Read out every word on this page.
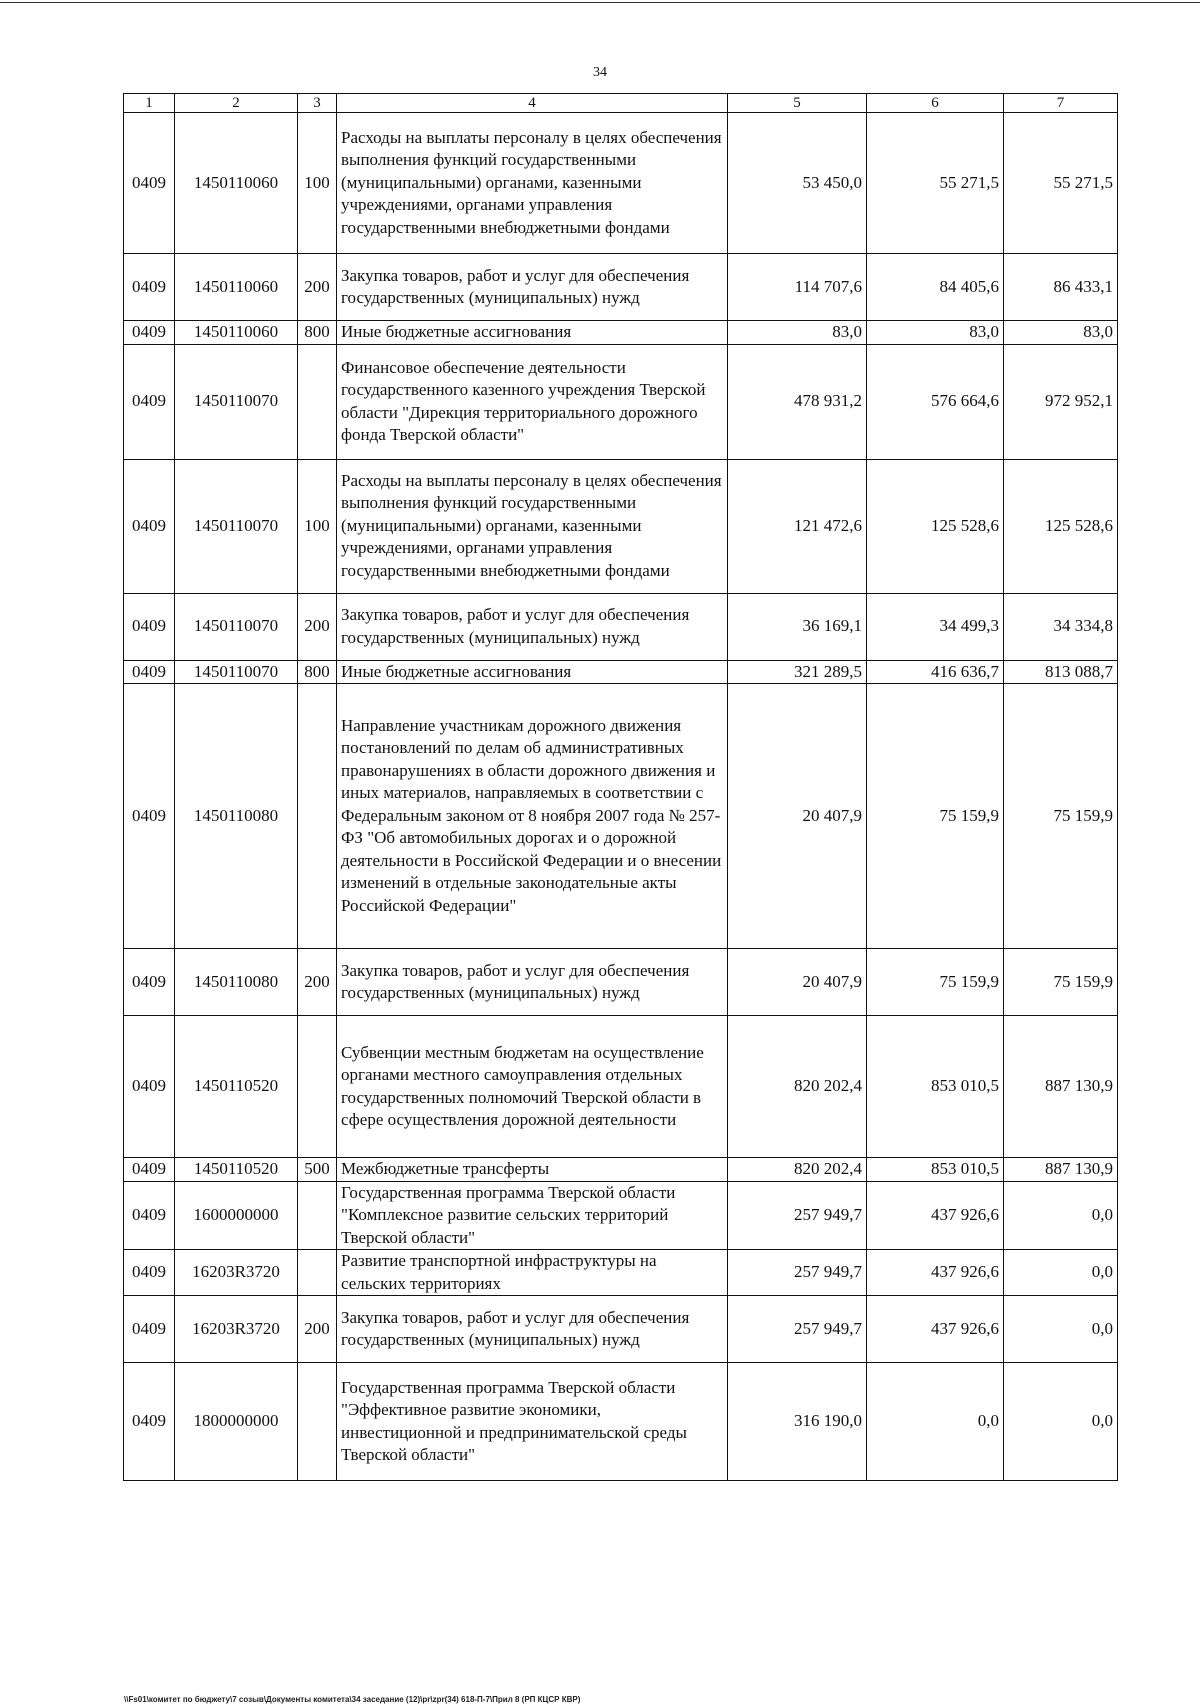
34
1	2	3	4	5	6	7
0409	1450110060	100	Расходы на выплаты персоналу в целях обеспечения выполнения функций государственными (муниципальными) органами, казенными учреждениями, органами управления государственными внебюджетными фондами	53 450,0	55 271,5	55 271,5
0409	1450110060	200	Закупка товаров, работ и услуг для обеспечения государственных (муниципальных) нужд	114 707,6	84 405,6	86 433,1
0409	1450110060	800	Иные бюджетные ассигнования	83,0	83,0	83,0
0409	1450110070		Финансовое обеспечение деятельности государственного казенного учреждения Тверской области "Дирекция территориального дорожного фонда Тверской области"	478 931,2	576 664,6	972 952,1
0409	1450110070	100	Расходы на выплаты персоналу в целях обеспечения выполнения функций государственными (муниципальными) органами, казенными учреждениями, органами управления государственными внебюджетными фондами	121 472,6	125 528,6	125 528,6
0409	1450110070	200	Закупка товаров, работ и услуг для обеспечения государственных (муниципальных) нужд	36 169,1	34 499,3	34 334,8
0409	1450110070	800	Иные бюджетные ассигнования	321 289,5	416 636,7	813 088,7
0409	1450110080		Направление участникам дорожного движения постановлений по делам об административных правонарушениях в области дорожного движения и иных материалов, направляемых в соответствии с Федеральным законом от 8 ноября 2007 года № 257-ФЗ "Об автомобильных дорогах и о дорожной деятельности в Российской Федерации и о внесении изменений в отдельные законодательные акты Российской Федерации"	20 407,9	75 159,9	75 159,9
0409	1450110080	200	Закупка товаров, работ и услуг для обеспечения государственных (муниципальных) нужд	20 407,9	75 159,9	75 159,9
0409	1450110520		Субвенции местным бюджетам на осуществление органами местного самоуправления отдельных государственных полномочий Тверской области в сфере осуществления дорожной деятельности	820 202,4	853 010,5	887 130,9
0409	1450110520	500	Межбюджетные трансферты	820 202,4	853 010,5	887 130,9
0409	1600000000		Государственная программа Тверской области "Комплексное развитие сельских территорий Тверской области"	257 949,7	437 926,6	0,0
0409	16203R3720		Развитие транспортной инфраструктуры на сельских территориях	257 949,7	437 926,6	0,0
0409	16203R3720	200	Закупка товаров, работ и услуг для обеспечения государственных (муниципальных) нужд	257 949,7	437 926,6	0,0
0409	1800000000		Государственная программа Тверской области "Эффективное развитие экономики, инвестиционной и предпринимательской среды Тверской области"	316 190,0	0,0	0,0
\\Fs01\комитет по бюджету\7 созыв\Документы комитета\34 заседание (12)\pr\zpr(34) 618-П-7\Прил 8 (РП КЦСР КВР)
